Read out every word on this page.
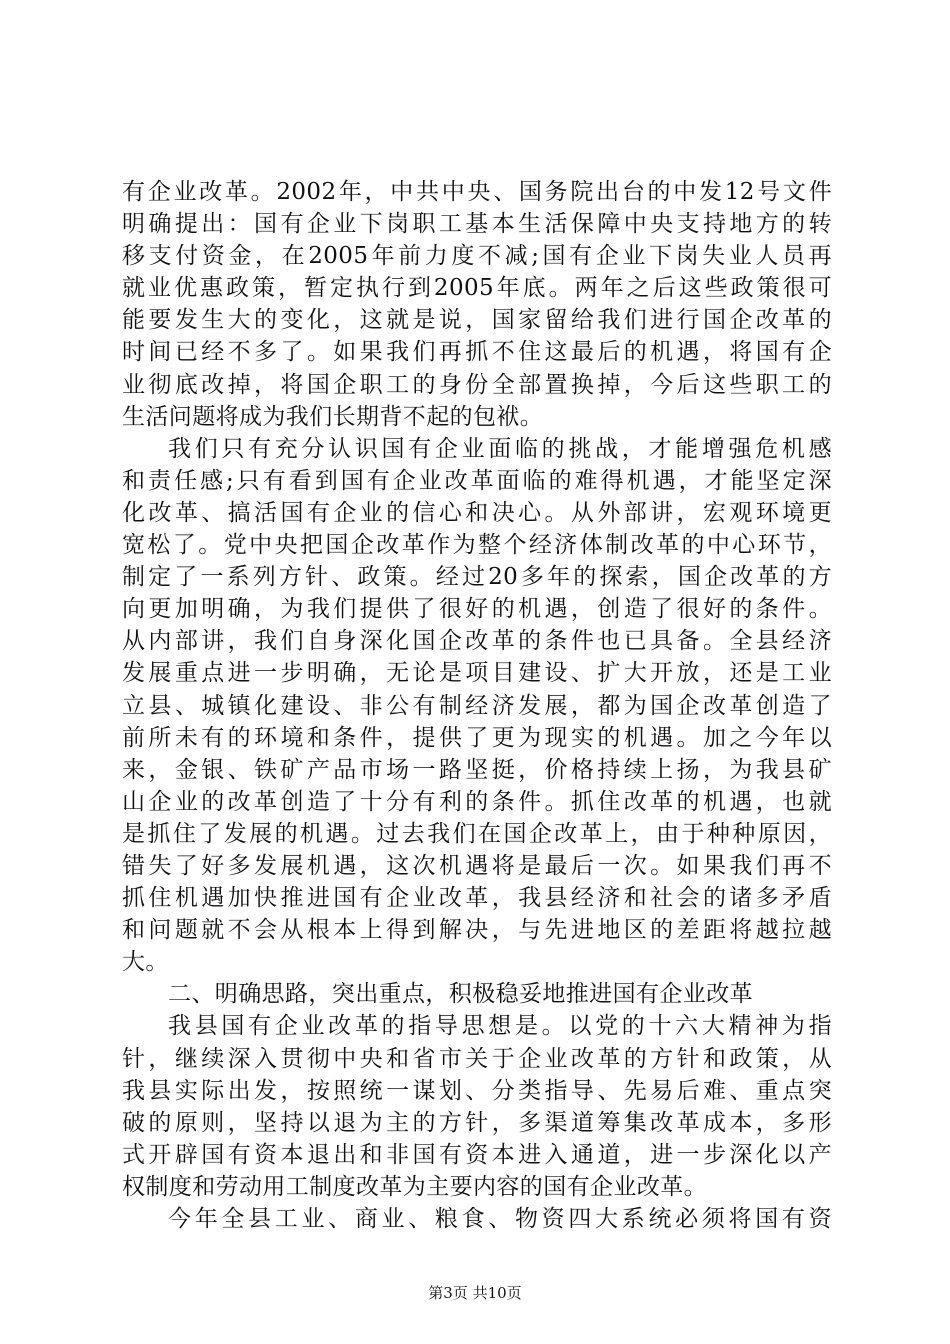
有企业改革。2002年，中共中央、国务院出台的中发12号文件
明确提出：国有企业下岗职工基本生活保障中央支持地方的转
移支付资金，在2005年前力度不减;国有企业下岗失业人员再
就业优惠政策，暂定执行到2005年底。两年之后这些政策很可
能要发生大的变化，这就是说，国家留给我们进行国企改革的
时间已经不多了。如果我们再抓不住这最后的机遇，将国有企
业彻底改掉，将国企职工的身份全部置换掉，今后这些职工的
生活问题将成为我们长期背不起的包袱。
我们只有充分认识国有企业面临的挑战，才能增强危机感
和责任感;只有看到国有企业改革面临的难得机遇，才能坚定深
化改革、搞活国有企业的信心和决心。从外部讲，宏观环境更
宽松了。党中央把国企改革作为整个经济体制改革的中心环节，
制定了一系列方针、政策。经过20多年的探索，国企改革的方
向更加明确，为我们提供了很好的机遇，创造了很好的条件。
从内部讲，我们自身深化国企改革的条件也已具备。全县经济
发展重点进一步明确，无论是项目建设、扩大开放，还是工业
立县、城镇化建设、非公有制经济发展，都为国企改革创造了
前所未有的环境和条件，提供了更为现实的机遇。加之今年以
来，金银、铁矿产品市场一路坚挺，价格持续上扬，为我县矿
山企业的改革创造了十分有利的条件。抓住改革的机遇，也就
是抓住了发展的机遇。过去我们在国企改革上，由于种种原因，
错失了好多发展机遇，这次机遇将是最后一次。如果我们再不
抓住机遇加快推进国有企业改革，我县经济和社会的诸多矛盾
和问题就不会从根本上得到解决，与先进地区的差距将越拉越
大。
二、明确思路，突出重点，积极稳妥地推进国有企业改革
我县国有企业改革的指导思想是。以党的十六大精神为指
针，继续深入贯彻中央和省市关于企业改革的方针和政策，从
我县实际出发，按照统一谋划、分类指导、先易后难、重点突
破的原则，坚持以退为主的方针，多渠道筹集改革成本，多形
式开辟国有资本退出和非国有资本进入通道，进一步深化以产
权制度和劳动用工制度改革为主要内容的国有企业改革。
今年全县工业、商业、粮食、物资四大系统必须将国有资
第3页 共10页
